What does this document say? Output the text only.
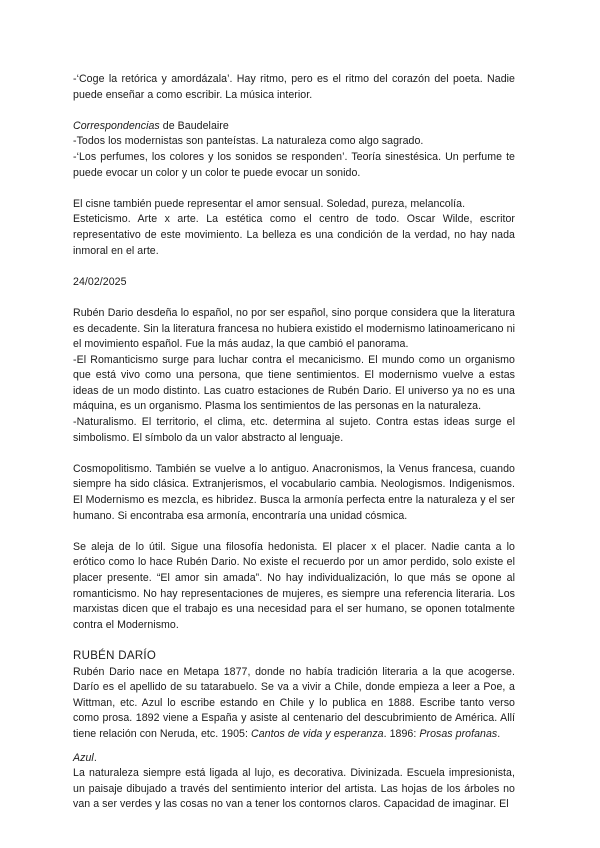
-‘Coge la retórica y amordázala’. Hay ritmo, pero es el ritmo del corazón del poeta. Nadie puede enseñar a como escribir. La música interior.

Correspondencias de Baudelaire

-Todos los modernistas son panteístas. La naturaleza como algo sagrado.

-‘Los perfumes, los colores y los sonidos se responden’. Teoría sinestésica. Un perfume te puede evocar un color y un color te puede evocar un sonido.

El cisne también puede representar el amor sensual. Soledad, pureza, melancolía.

Esteticismo. Arte x arte. La estética como el centro de todo. Oscar Wilde, escritor representativo de este movimiento. La belleza es una condición de la verdad, no hay nada inmoral en el arte.

24/02/2025

Rubén Dario desdeña lo español, no por ser español, sino porque considera que la literatura es decadente. Sin la literatura francesa no hubiera existido el modernismo latinoamericano ni el movimiento español. Fue la más audaz, la que cambió el panorama.

-El Romanticismo surge para luchar contra el mecanicismo. El mundo como un organismo que está vivo como una persona, que tiene sentimientos. El modernismo vuelve a estas ideas de un modo distinto. Las cuatro estaciones de Rubén Dario. El universo ya no es una máquina, es un organismo. Plasma los sentimientos de las personas en la naturaleza.

-Naturalismo. El territorio, el clima, etc. determina al sujeto. Contra estas ideas surge el simbolismo. El símbolo da un valor abstracto al lenguaje.

Cosmopolitismo. También se vuelve a lo antiguo. Anacronismos, la Venus francesa, cuando siempre ha sido clásica. Extranjerismos, el vocabulario cambia. Neologismos. Indigenismos. El Modernismo es mezcla, es hibridez. Busca la armonía perfecta entre la naturaleza y el ser humano. Si encontraba esa armonía, encontraría una unidad cósmica.

Se aleja de lo útil. Sigue una filosofía hedonista. El placer x el placer. Nadie canta a lo erótico como lo hace Rubén Dario. No existe el recuerdo por un amor perdido, solo existe el placer presente. “El amor sin amada”. No hay individualización, lo que más se opone al romanticismo. No hay representaciones de mujeres, es siempre una referencia literaria. Los marxistas dicen que el trabajo es una necesidad para el ser humano, se oponen totalmente contra el Modernismo.

RUBÉN DARÍO

Rubén Dario nace en Metapa 1877, donde no había tradición literaria a la que acogerse. Darío es el apellido de su tatarabuelo. Se va a vivir a Chile, donde empieza a leer a Poe, a Wittman, etc. Azul lo escribe estando en Chile y lo publica en 1888. Escribe tanto verso como prosa. 1892 viene a España y asiste al centenario del descubrimiento de América. Allí tiene relación con Neruda, etc. 1905: Cantos de vida y esperanza. 1896: Prosas profanas.

Azul.

La naturaleza siempre está ligada al lujo, es decorativa. Divinizada. Escuela impresionista, un paisaje dibujado a través del sentimiento interior del artista. Las hojas de los árboles no van a ser verdes y las cosas no van a tener los contornos claros. Capacidad de imaginar. El
